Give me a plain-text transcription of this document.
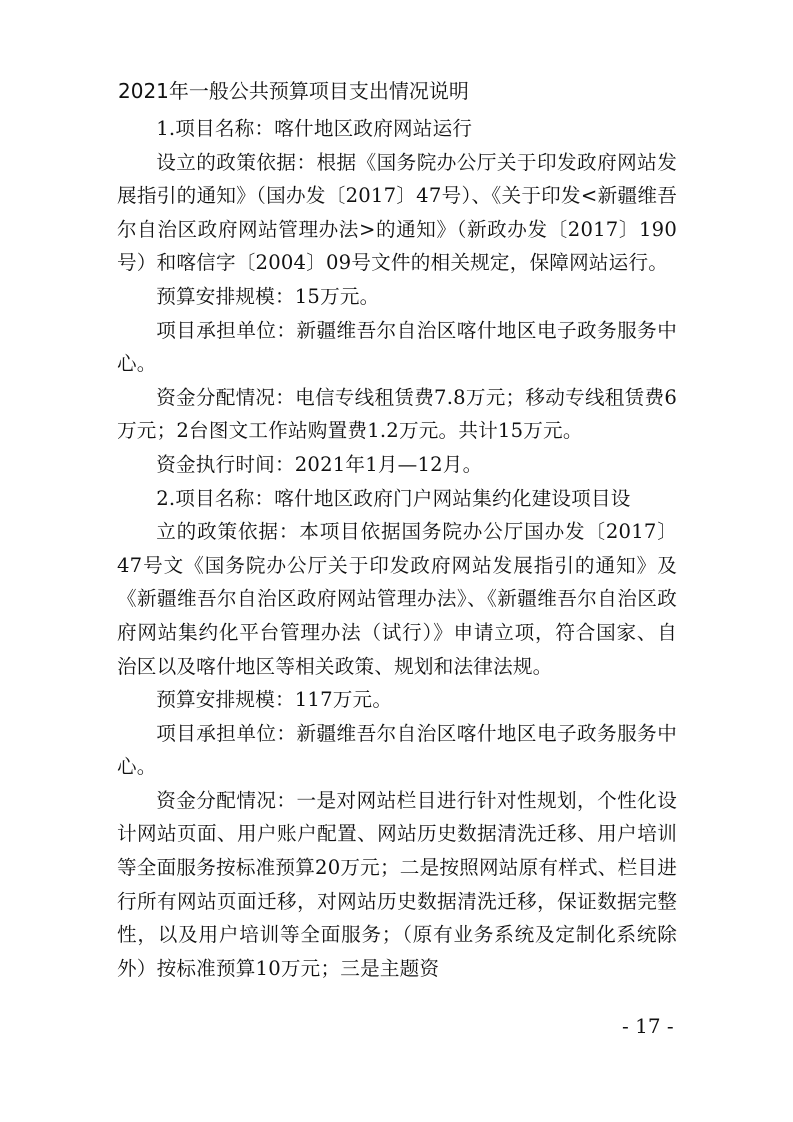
2021年一般公共预算项目支出情况说明

1.项目名称：喀什地区政府网站运行

设立的政策依据：根据《国务院办公厅关于印发政府网站发展指引的通知》（国办发〔2017〕47号）、《关于印发<新疆维吾尔自治区政府网站管理办法>的通知》（新政办发〔2017〕190号）和喀信字〔2004〕09号文件的相关规定，保障网站运行。

预算安排规模：15万元。

项目承担单位：新疆维吾尔自治区喀什地区电子政务服务中心。

资金分配情况：电信专线租赁费7.8万元；移动专线租赁费6万元；2台图文工作站购置费1.2万元。共计15万元。

资金执行时间：2021年1月—12月。

2.项目名称：喀什地区政府门户网站集约化建设项目设

立的政策依据：本项目依据国务院办公厅国办发〔2017〕47号文《国务院办公厅关于印发政府网站发展指引的通知》及《新疆维吾尔自治区政府网站管理办法》、《新疆维吾尔自治区政府网站集约化平台管理办法（试行）》申请立项，符合国家、自治区以及喀什地区等相关政策、规划和法律法规。

预算安排规模：117万元。

项目承担单位：新疆维吾尔自治区喀什地区电子政务服务中心。

资金分配情况：一是对网站栏目进行针对性规划，个性化设计网站页面、用户账户配置、网站历史数据清洗迁移、用户培训等全面服务按标准预算20万元；二是按照网站原有样式、栏目进行所有网站页面迁移，对网站历史数据清洗迁移，保证数据完整性，以及用户培训等全面服务；（原有业务系统及定制化系统除外）按标准预算10万元；三是主题资

- 17 -
